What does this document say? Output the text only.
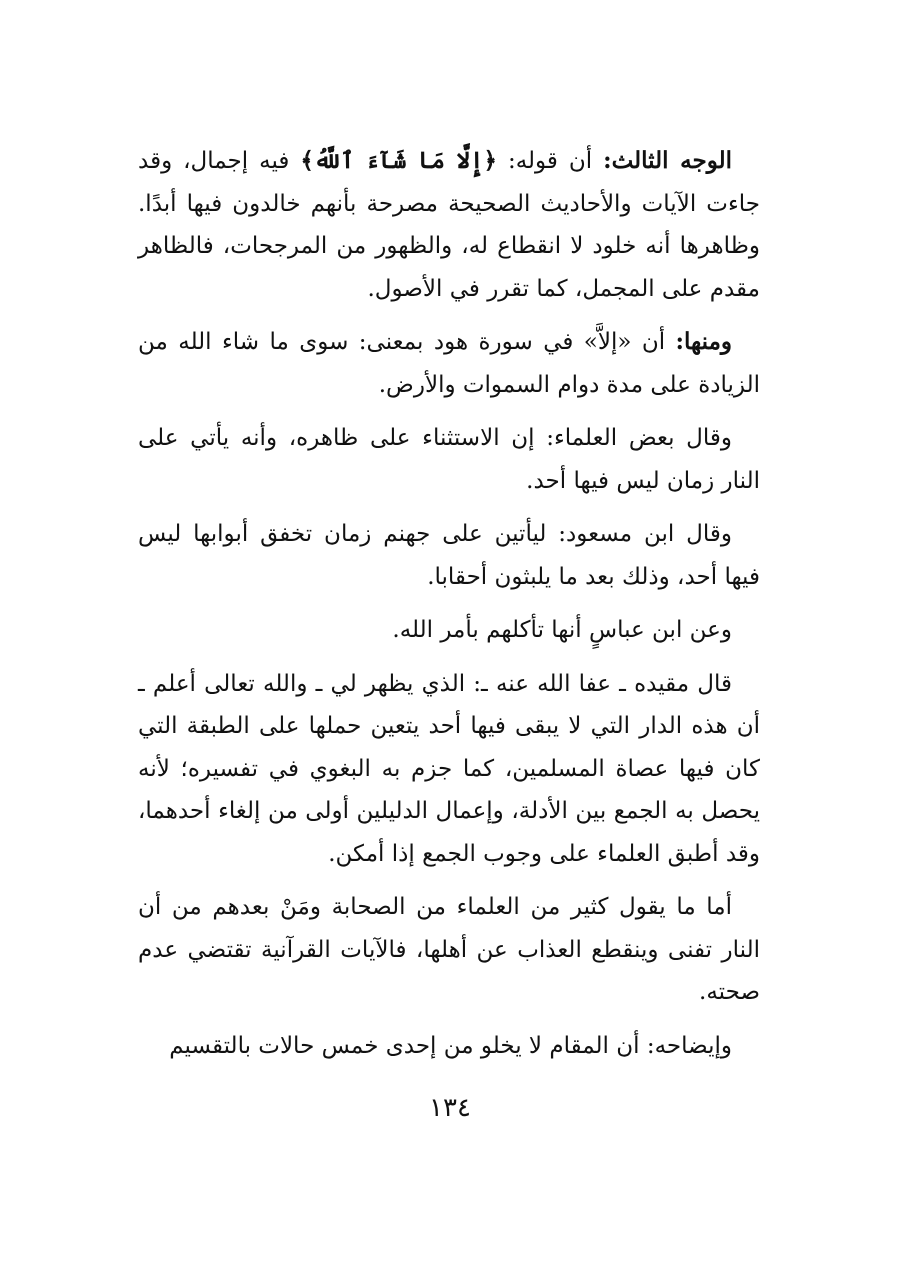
الوجه الثالث: أن قوله: ﴿إِلَّا مَا شَآءَ ٱللَّهُ﴾ فيه إجمال، وقد جاءت الآيات والأحاديث الصحيحة مصرحة بأنهم خالدون فيها أبدًا. وظاهرها أنه خلود لا انقطاع له، والظهور من المرجحات، فالظاهر مقدم على المجمل، كما تقرر في الأصول.

ومنها: أن «إلاَّ» في سورة هود بمعنى: سوى ما شاء الله من الزيادة على مدة دوام السموات والأرض.

وقال بعض العلماء: إن الاستثناء على ظاهره، وأنه يأتي على النار زمان ليس فيها أحد.

وقال ابن مسعود: ليأتين على جهنم زمان تخفق أبوابها ليس فيها أحد، وذلك بعد ما يلبثون أحقابا.

وعن ابن عباسٍ أنها تأكلهم بأمر الله.

قال مقيده ـ عفا الله عنه ـ: الذي يظهر لي ـ والله تعالى أعلم ـ أن هذه الدار التي لا يبقى فيها أحد يتعين حملها على الطبقة التي كان فيها عصاة المسلمين، كما جزم به البغوي في تفسيره؛ لأنه يحصل به الجمع بين الأدلة، وإعمال الدليلين أولى من إلغاء أحدهما، وقد أطبق العلماء على وجوب الجمع إذا أمكن.

أما ما يقول كثير من العلماء من الصحابة ومَنْ بعدهم من أن النار تفنى وينقطع العذاب عن أهلها، فالآيات القرآنية تقتضي عدم صحته.

وإيضاحه: أن المقام لا يخلو من إحدى خمس حالات بالتقسيم

١٣٤
